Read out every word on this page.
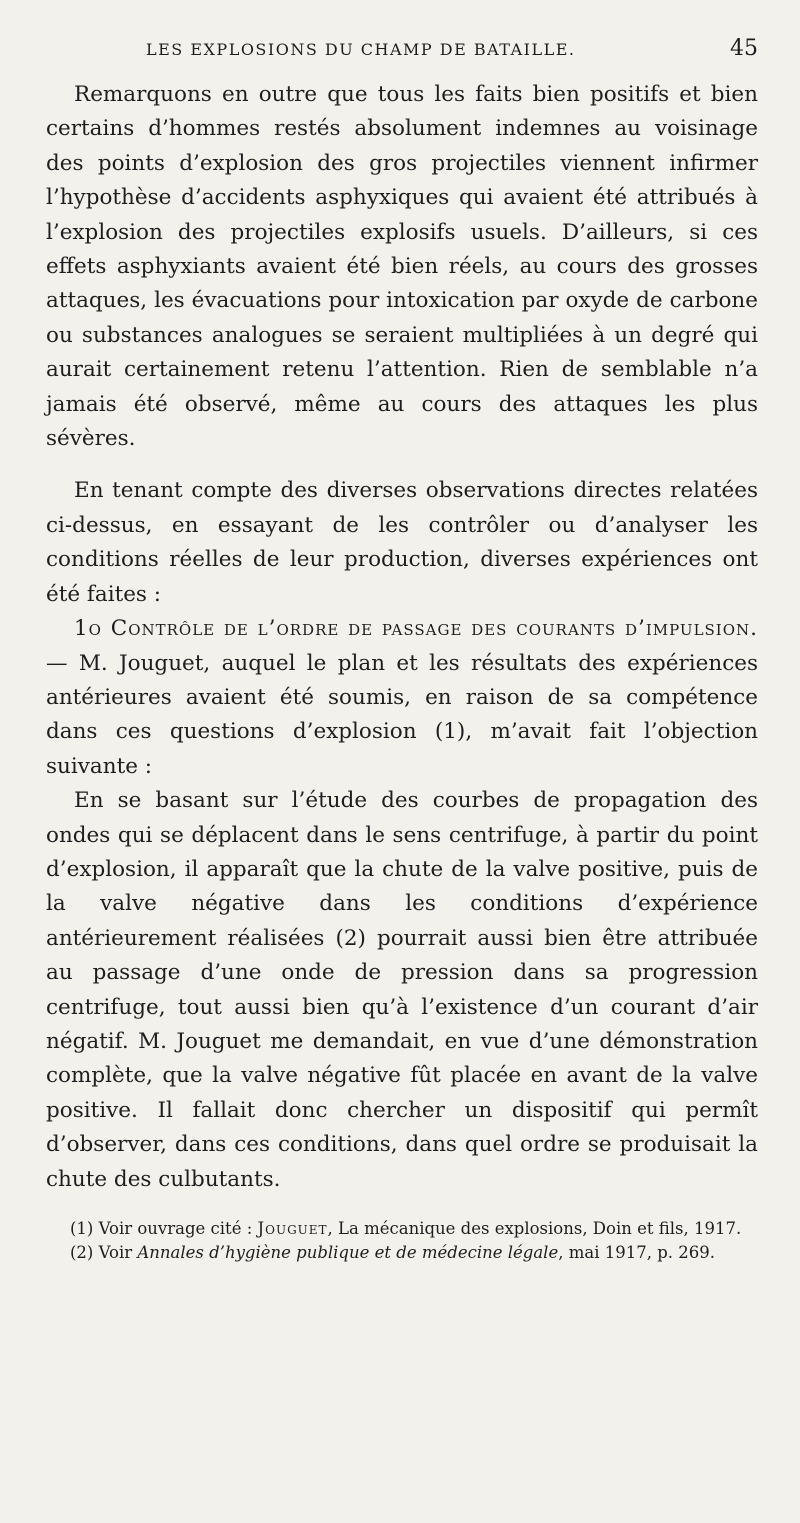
LES EXPLOSIONS DU CHAMP DE BATAILLE.	45

Remarquons en outre que tous les faits bien positifs et bien certains d’hommes restés absolument indemnes au voisinage des points d’explosion des gros projectiles viennent infirmer l’hypothèse d’accidents asphyxiques qui avaient été attribués à l’explosion des projectiles explosifs usuels. D’ailleurs, si ces effets asphyxiants avaient été bien réels, au cours des grosses attaques, les évacuations pour intoxication par oxyde de carbone ou substances analogues se seraient multipliées à un degré qui aurait certainement retenu l’attention. Rien de semblable n’a jamais été observé, même au cours des attaques les plus sévères.

En tenant compte des diverses observations directes relatées ci-dessus, en essayant de les contrôler ou d’analyser les conditions réelles de leur production, diverses expériences ont été faites :

1o Contrôle de l’ordre de passage des courants d’impulsion. — M. Jouguet, auquel le plan et les résultats des expériences antérieures avaient été soumis, en raison de sa compétence dans ces questions d’explosion (1), m’avait fait l’objection suivante :

En se basant sur l’étude des courbes de propagation des ondes qui se déplacent dans le sens centrifuge, à partir du point d’explosion, il apparaît que la chute de la valve positive, puis de la valve négative dans les conditions d’expérience antérieurement réalisées (2) pourrait aussi bien être attribuée au passage d’une onde de pression dans sa progression centrifuge, tout aussi bien qu’à l’existence d’un courant d’air négatif. M. Jouguet me demandait, en vue d’une démonstration complète, que la valve négative fût placée en avant de la valve positive. Il fallait donc chercher un dispositif qui permît d’observer, dans ces conditions, dans quel ordre se produisait la chute des culbutants.

(1) Voir ouvrage cité : Jouguet, La mécanique des explosions, Doin et fils, 1917.

(2) Voir Annales d’hygiène publique et de médecine légale, mai 1917, p. 269.
